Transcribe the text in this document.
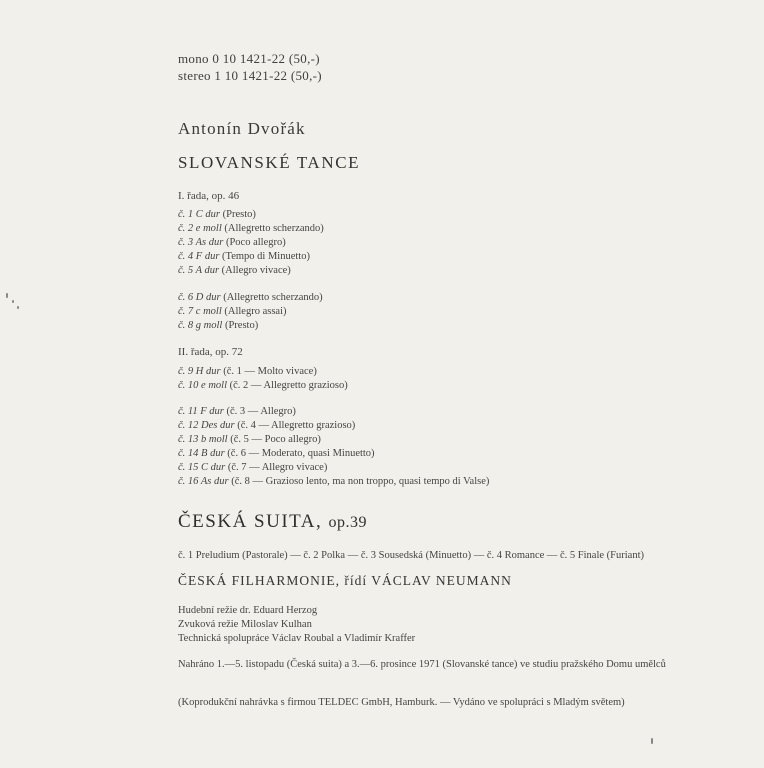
mono 0 10 1421-22 (50,-)
stereo 1 10 1421-22 (50,-)
Antonín Dvořák
SLOVANSKÉ TANCE
I. řada, op. 46
č. 1 C dur (Presto)
č. 2 e moll (Allegretto scherzando)
č. 3 As dur (Poco allegro)
č. 4 F dur (Tempo di Minuetto)
č. 5 A dur (Allegro vivace)
č. 6 D dur (Allegretto scherzando)
č. 7 c moll (Allegro assai)
č. 8 g moll (Presto)
II. řada, op. 72
č. 9 H dur (č. 1 — Molto vivace)
č. 10 e moll (č. 2 — Allegretto grazioso)
č. 11 F dur (č. 3 — Allegro)
č. 12 Des dur (č. 4 — Allegretto grazioso)
č. 13 b moll (č. 5 — Poco allegro)
č. 14 B dur (č. 6 — Moderato, quasi Minuetto)
č. 15 C dur (č. 7 — Allegro vivace)
č. 16 As dur (č. 8 — Grazioso lento, ma non troppo, quasi tempo di Valse)
ČESKÁ SUITA, op.39
č. 1 Preludium (Pastorale) — č. 2 Polka — č. 3 Sousedská (Minuetto) — č. 4 Romance — č. 5 Finale (Furiant)
ČESKÁ FILHARMONIE, řídí VÁCLAV NEUMANN
Hudební režie dr. Eduard Herzog
Zvuková režie Miloslav Kulhan
Technická spolupráce Václav Roubal a Vladimír Kraffer
Nahráno 1.—5. listopadu (Česká suita) a 3.—6. prosince 1971 (Slovanské tance) ve studiu pražského Domu umělců
(Koprodukční nahrávka s firmou TELDEC GmbH, Hamburk. — Vydáno ve spolupráci s Mladým světem)
